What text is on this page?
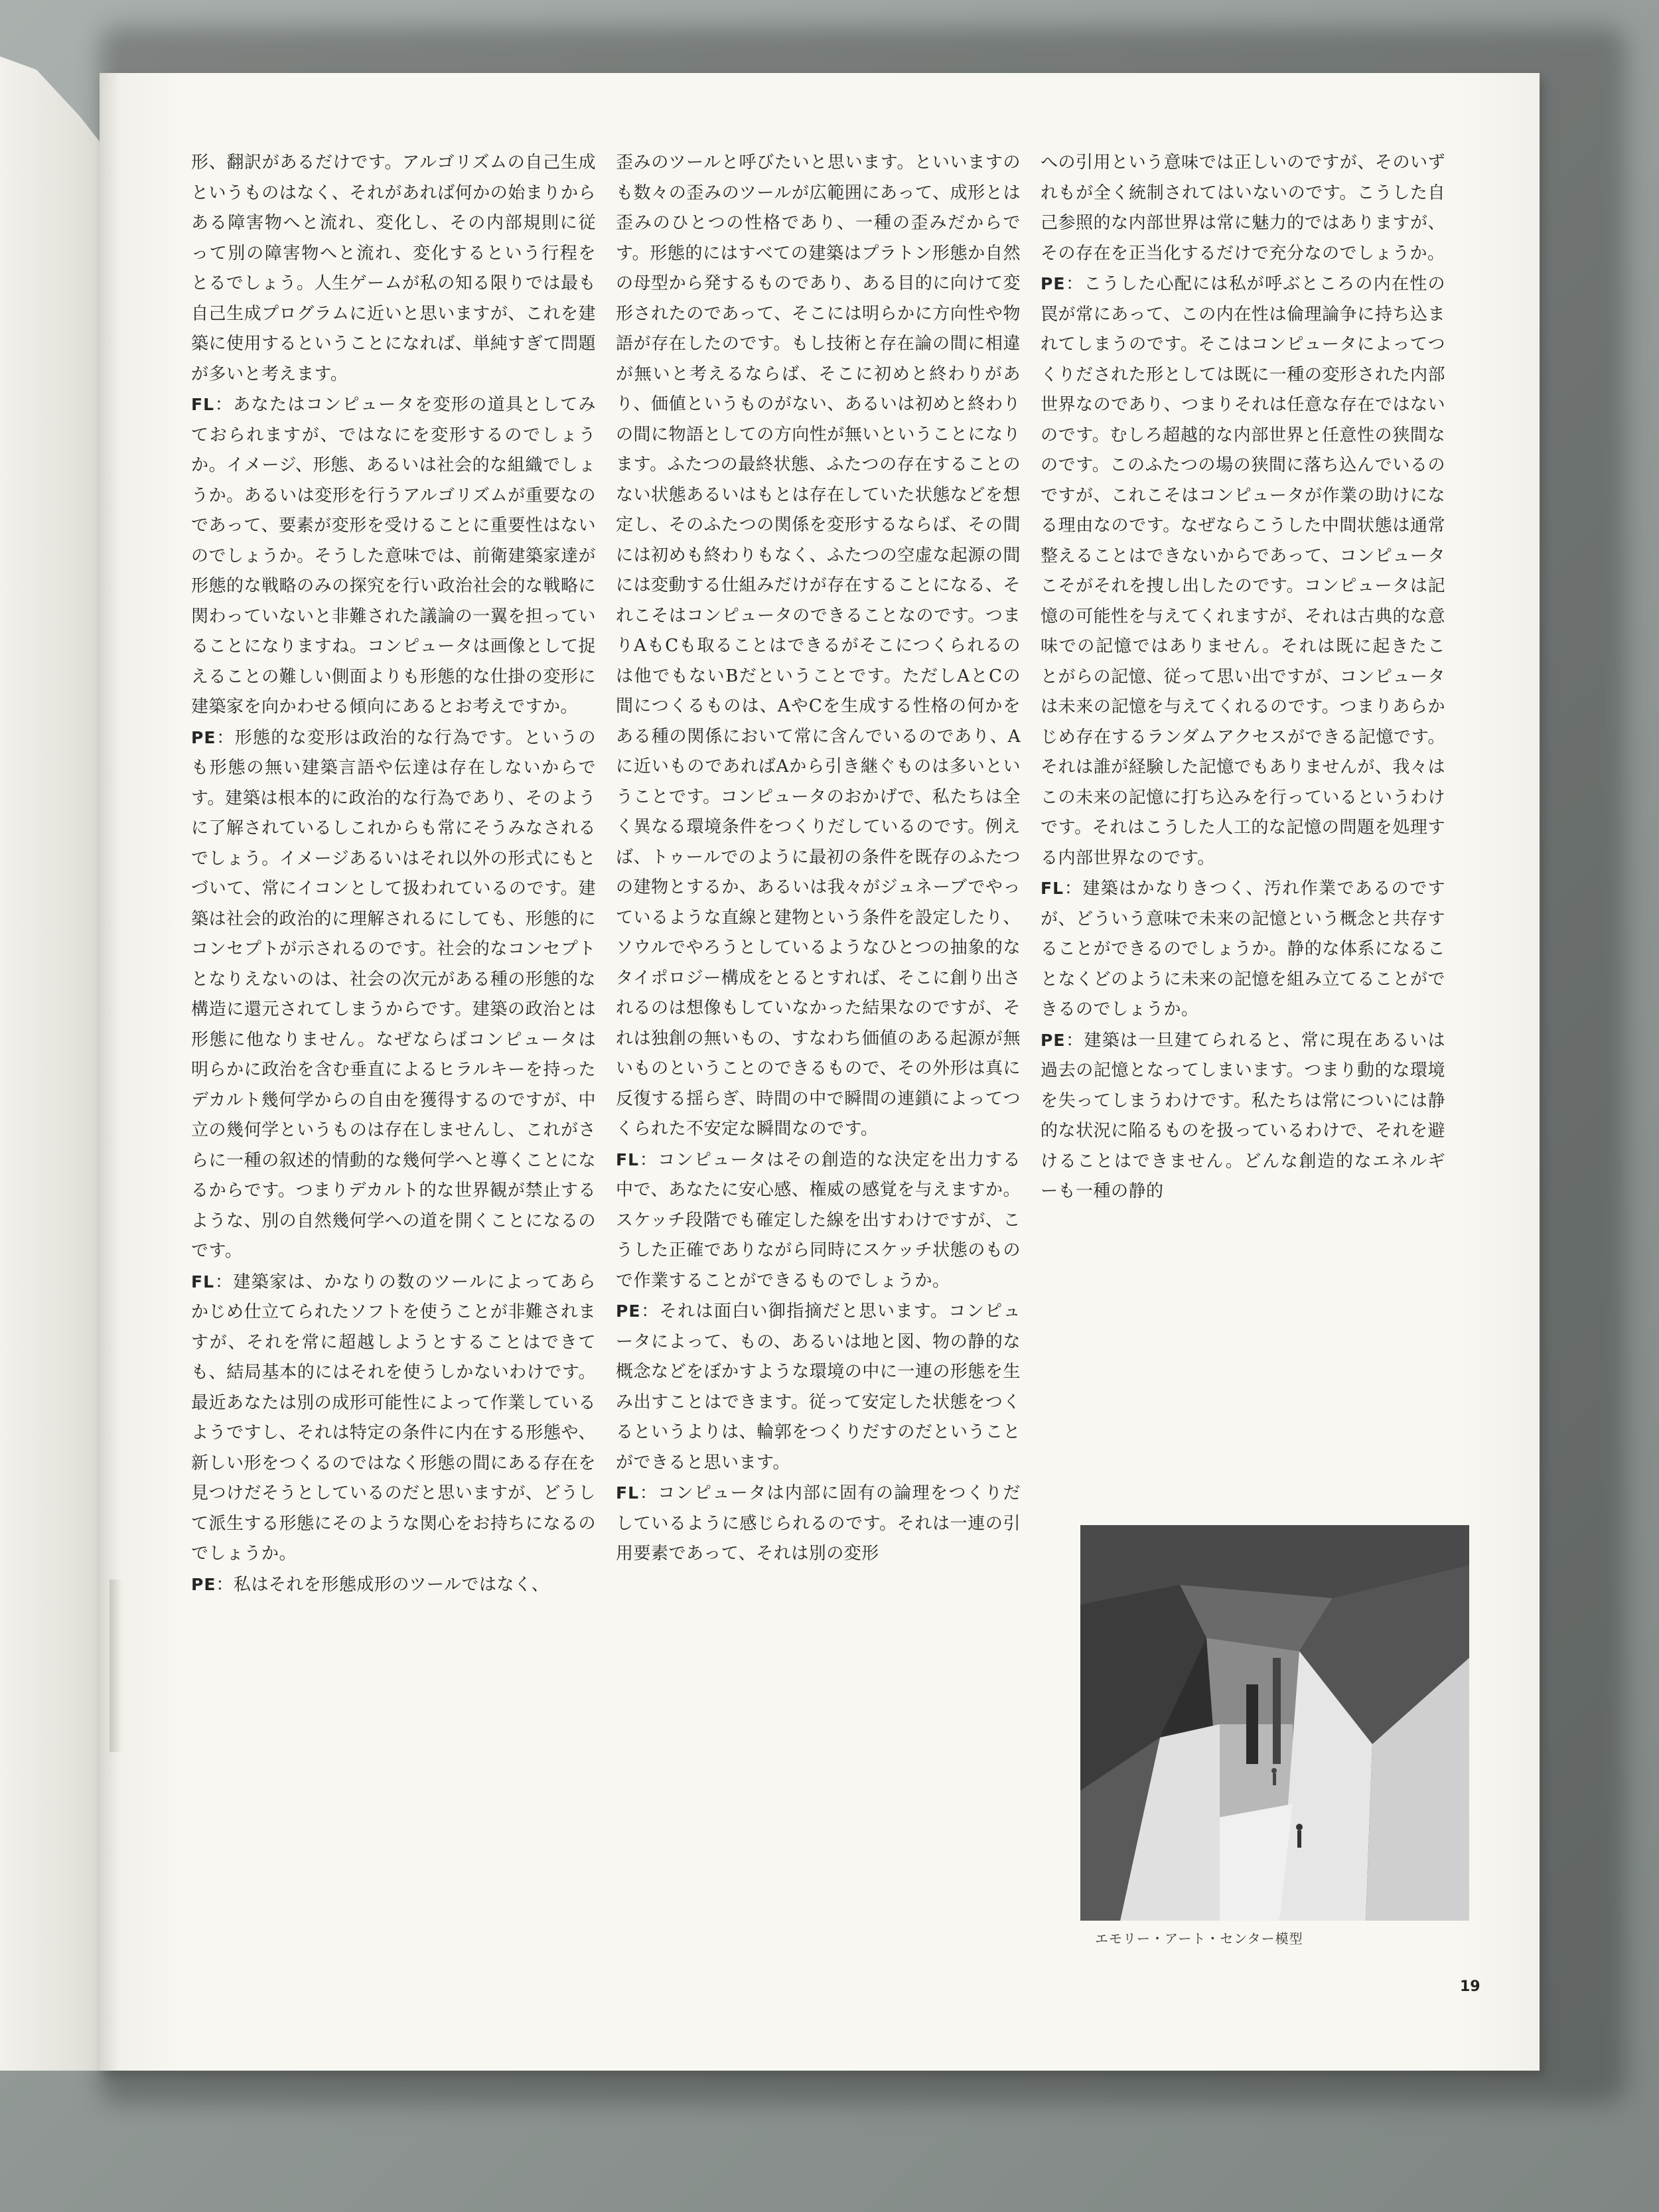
形、翻訳があるだけです。アルゴリズムの自己生成というものはなく、それがあれば何かの始まりからある障害物へと流れ、変化し、その内部規則に従って別の障害物へと流れ、変化するという行程をとるでしょう。人生ゲームが私の知る限りでは最も自己生成プログラムに近いと思いますが、これを建築に使用するということになれば、単純すぎて問題が多いと考えます。

FL：あなたはコンピュータを変形の道具としてみておられますが、ではなにを変形するのでしょうか。イメージ、形態、あるいは社会的な組織でしょうか。あるいは変形を行うアルゴリズムが重要なのであって、要素が変形を受けることに重要性はないのでしょうか。そうした意味では、前衛建築家達が形態的な戦略のみの探究を行い政治社会的な戦略に関わっていないと非難された議論の一翼を担っていることになりますね。コンピュータは画像として捉えることの難しい側面よりも形態的な仕掛の変形に建築家を向かわせる傾向にあるとお考えですか。

PE：形態的な変形は政治的な行為です。というのも形態の無い建築言語や伝達は存在しないからです。建築は根本的に政治的な行為であり、そのように了解されているしこれからも常にそうみなされるでしょう。イメージあるいはそれ以外の形式にもとづいて、常にイコンとして扱われているのです。建築は社会的政治的に理解されるにしても、形態的にコンセプトが示されるのです。社会的なコンセプトとなりえないのは、社会の次元がある種の形態的な構造に還元されてしまうからです。建築の政治とは形態に他なりません。なぜならばコンピュータは明らかに政治を含む垂直によるヒラルキーを持ったデカルト幾何学からの自由を獲得するのですが、中立の幾何学というものは存在しませんし、これがさらに一種の叙述的情動的な幾何学へと導くことになるからです。つまりデカルト的な世界観が禁止するような、別の自然幾何学への道を開くことになるのです。

FL：建築家は、かなりの数のツールによってあらかじめ仕立てられたソフトを使うことが非難されますが、それを常に超越しようとすることはできても、結局基本的にはそれを使うしかないわけです。最近あなたは別の成形可能性によって作業しているようですし、それは特定の条件に内在する形態や、新しい形をつくるのではなく形態の間にある存在を見つけだそうとしているのだと思いますが、どうして派生する形態にそのような関心をお持ちになるのでしょうか。

PE：私はそれを形態成形のツールではなく、

歪みのツールと呼びたいと思います。といいますのも数々の歪みのツールが広範囲にあって、成形とは歪みのひとつの性格であり、一種の歪みだからです。形態的にはすべての建築はプラトン形態か自然の母型から発するものであり、ある目的に向けて変形されたのであって、そこには明らかに方向性や物語が存在したのです。もし技術と存在論の間に相違が無いと考えるならば、そこに初めと終わりがあり、価値というものがない、あるいは初めと終わりの間に物語としての方向性が無いということになります。ふたつの最終状態、ふたつの存在することのない状態あるいはもとは存在していた状態などを想定し、そのふたつの関係を変形するならば、その間には初めも終わりもなく、ふたつの空虚な起源の間には変動する仕組みだけが存在することになる、それこそはコンピュータのできることなのです。つまりAもCも取ることはできるがそこにつくられるのは他でもないBだということです。ただしAとCの間につくるものは、AやCを生成する性格の何かをある種の関係において常に含んでいるのであり、Aに近いものであればAから引き継ぐものは多いということです。コンピュータのおかげで、私たちは全く異なる環境条件をつくりだしているのです。例えば、トゥールでのように最初の条件を既存のふたつの建物とするか、あるいは我々がジュネーブでやっているような直線と建物という条件を設定したり、ソウルでやろうとしているようなひとつの抽象的なタイポロジー構成をとるとすれば、そこに創り出されるのは想像もしていなかった結果なのですが、それは独創の無いもの、すなわち価値のある起源が無いものということのできるもので、その外形は真に反復する揺らぎ、時間の中で瞬間の連鎖によってつくられた不安定な瞬間なのです。

FL：コンピュータはその創造的な決定を出力する中で、あなたに安心感、権威の感覚を与えますか。スケッチ段階でも確定した線を出すわけですが、こうした正確でありながら同時にスケッチ状態のもので作業することができるものでしょうか。

PE：それは面白い御指摘だと思います。コンピュータによって、もの、あるいは地と図、物の静的な概念などをぼかすような環境の中に一連の形態を生み出すことはできます。従って安定した状態をつくるというよりは、輪郭をつくりだすのだということができると思います。

FL：コンピュータは内部に固有の論理をつくりだしているように感じられるのです。それは一連の引用要素であって、それは別の変形

への引用という意味では正しいのですが、そのいずれもが全く統制されてはいないのです。こうした自己参照的な内部世界は常に魅力的ではありますが、その存在を正当化するだけで充分なのでしょうか。

PE：こうした心配には私が呼ぶところの内在性の罠が常にあって、この内在性は倫理論争に持ち込まれてしまうのです。そこはコンピュータによってつくりだされた形としては既に一種の変形された内部世界なのであり、つまりそれは任意な存在ではないのです。むしろ超越的な内部世界と任意性の狭間なのです。このふたつの場の狭間に落ち込んでいるのですが、これこそはコンピュータが作業の助けになる理由なのです。なぜならこうした中間状態は通常整えることはできないからであって、コンピュータこそがそれを捜し出したのです。コンピュータは記憶の可能性を与えてくれますが、それは古典的な意味での記憶ではありません。それは既に起きたことがらの記憶、従って思い出ですが、コンピュータは未来の記憶を与えてくれるのです。つまりあらかじめ存在するランダムアクセスができる記憶です。それは誰が経験した記憶でもありませんが、我々はこの未来の記憶に打ち込みを行っているというわけです。それはこうした人工的な記憶の問題を処理する内部世界なのです。

FL：建築はかなりきつく、汚れ作業であるのですが、どういう意味で未来の記憶という概念と共存することができるのでしょうか。静的な体系になることなくどのように未来の記憶を組み立てることができるのでしょうか。

PE：建築は一旦建てられると、常に現在あるいは過去の記憶となってしまいます。つまり動的な環境を失ってしまうわけです。私たちは常についには静的な状況に陥るものを扱っているわけで、それを避けることはできません。どんな創造的なエネルギーも一種の静的

エモリー・アート・センター模型
19
